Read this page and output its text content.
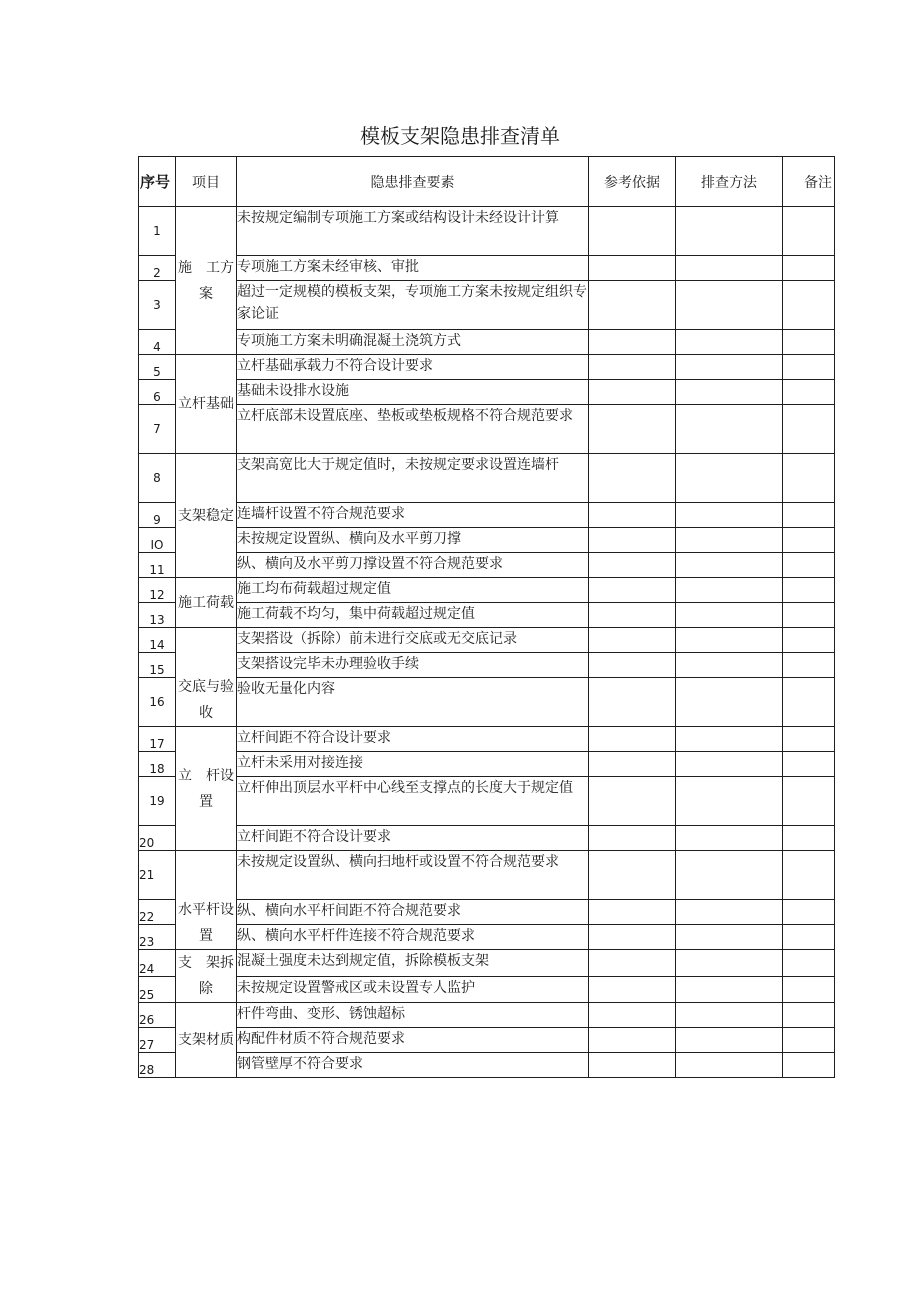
模板支架隐患排查清单
序号	项目	隐患排查要素	参考依据	排查方法	备注
1	施　工方案	未按规定编制专项施工方案或结构设计未经设计计算			
2		专项施工方案未经审核、审批			
3		超过一定规模的模板支架，专项施工方案未按规定组织专家论证			
4		专项施工方案未明确混凝土浇筑方式			
5	立杆基础	立杆基础承载力不符合设计要求			
6		基础未设排水设施			
7		立杆底部未设置底座、垫板或垫板规格不符合规范要求			
8	支架稳定	支架高宽比大于规定值时，未按规定要求设置连墙杆			
9		连墙杆设置不符合规范要求			
IO		未按规定设置纵、横向及水平剪刀撑			
11		纵、横向及水平剪刀撑设置不符合规范要求			
12	施工荷载	施工均布荷载超过规定值			
13		施工荷载不均匀，集中荷载超过规定值			
14	交底与验收	支架搭设（拆除）前未进行交底或无交底记录			
15		支架搭设完毕未办理验收手续			
16		验收无量化内容			
17	立　杆设置	立杆间距不符合设计要求			
18		立杆未采用对接连接			
19		立杆伸出顶层水平杆中心线至支撑点的长度大于规定值			
20		立杆间距不符合设计要求			
21	水平杆设置	未按规定设置纵、横向扫地杆或设置不符合规范要求			
22		纵、横向水平杆间距不符合规范要求			
23		纵、横向水平杆件连接不符合规范要求			
24	支　架拆除	混凝土强度未达到规定值，拆除模板支架			
25		未按规定设置警戒区或未设置专人监护			
26	支架材质	杆件弯曲、变形、锈蚀超标			
27		构配件材质不符合规范要求			
28		钢管壁厚不符合要求			
